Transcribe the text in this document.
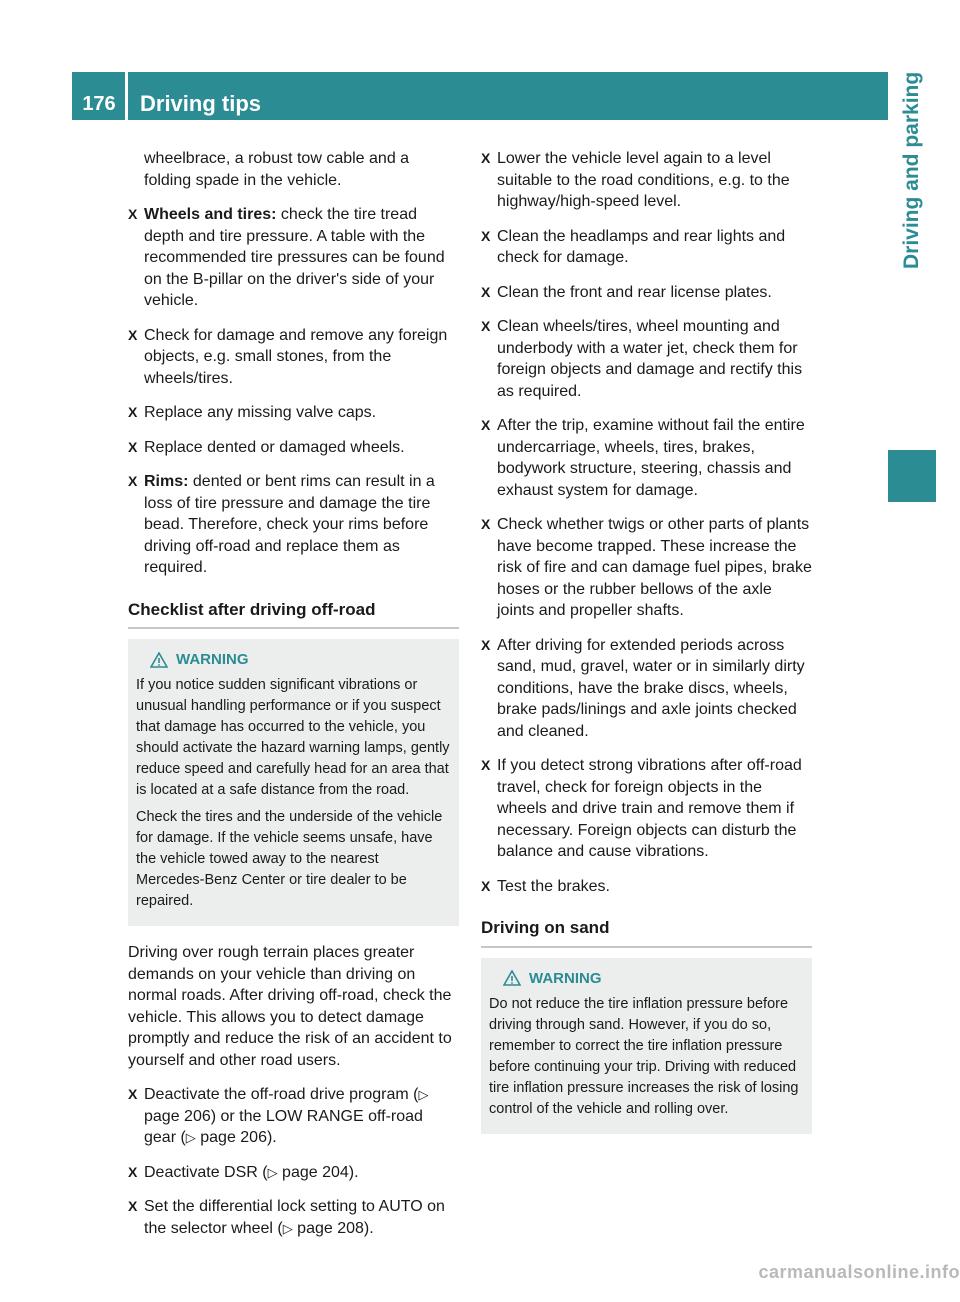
176	Driving tips	Driving and parking
wheelbrace, a robust tow cable and a folding spade in the vehicle.
X Wheels and tires: check the tire tread depth and tire pressure. A table with the recommended tire pressures can be found on the B-pillar on the driver's side of your vehicle.
X Check for damage and remove any foreign objects, e.g. small stones, from the wheels/tires.
X Replace any missing valve caps.
X Replace dented or damaged wheels.
X Rims: dented or bent rims can result in a loss of tire pressure and damage the tire bead. Therefore, check your rims before driving off-road and replace them as required.
Checklist after driving off-road
WARNING

If you notice sudden significant vibrations or unusual handling performance or if you suspect that damage has occurred to the vehicle, you should activate the hazard warning lamps, gently reduce speed and carefully head for an area that is located at a safe distance from the road.

Check the tires and the underside of the vehicle for damage. If the vehicle seems unsafe, have the vehicle towed away to the nearest Mercedes-Benz Center or tire dealer to be repaired.

Driving over rough terrain places greater demands on your vehicle than driving on normal roads. After driving off-road, check the vehicle. This allows you to detect damage promptly and reduce the risk of an accident to yourself and other road users.
X Deactivate the off-road drive program (▷ page 206) or the LOW RANGE off-road gear (▷ page 206).
X Deactivate DSR (▷ page 204).
X Set the differential lock setting to AUTO on the selector wheel (▷ page 208).
X Lower the vehicle level again to a level suitable to the road conditions, e.g. to the highway/high-speed level.
X Clean the headlamps and rear lights and check for damage.
X Clean the front and rear license plates.
X Clean wheels/tires, wheel mounting and underbody with a water jet, check them for foreign objects and damage and rectify this as required.
X After the trip, examine without fail the entire undercarriage, wheels, tires, brakes, bodywork structure, steering, chassis and exhaust system for damage.
X Check whether twigs or other parts of plants have become trapped. These increase the risk of fire and can damage fuel pipes, brake hoses or the rubber bellows of the axle joints and propeller shafts.
X After driving for extended periods across sand, mud, gravel, water or in similarly dirty conditions, have the brake discs, wheels, brake pads/linings and axle joints checked and cleaned.
X If you detect strong vibrations after off-road travel, check for foreign objects in the wheels and drive train and remove them if necessary. Foreign objects can disturb the balance and cause vibrations.
X Test the brakes.
Driving on sand
WARNING

Do not reduce the tire inflation pressure before driving through sand. However, if you do so, remember to correct the tire inflation pressure before continuing your trip. Driving with reduced tire inflation pressure increases the risk of losing control of the vehicle and rolling over.

carmanualsonline.info
